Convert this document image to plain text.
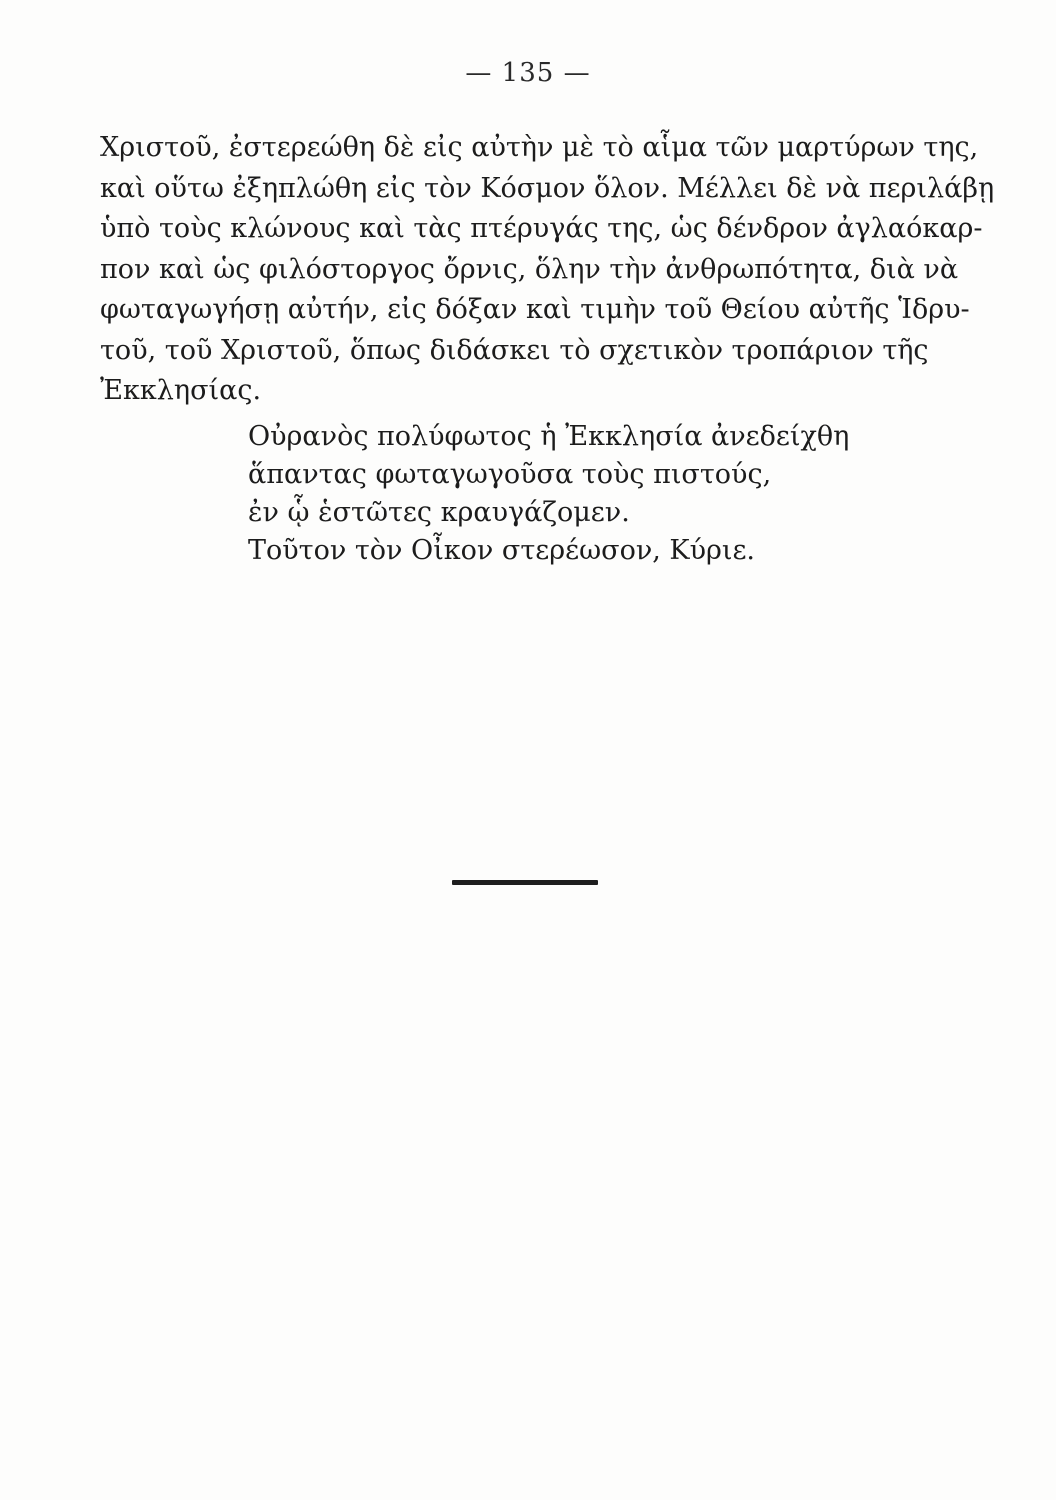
— 135 —
Χριστοῦ, ἐστερεώθη δὲ εἰς αὐτὴν μὲ τὸ αἷμα τῶν μαρτύρων της,
καὶ οὕτω ἐξηπλώθη εἰς τὸν Κόσμον ὅλον. Μέλλει δὲ νὰ περιλάβῃ
ὑπὸ τοὺς κλώνους καὶ τὰς πτέρυγάς της, ὡς δένδρον ἀγλαόκαρ-
πον καὶ ὡς φιλόστοργος ὄρνις, ὅλην τὴν ἀνθρωπότητα, διὰ νὰ
φωταγωγήσῃ αὐτήν, εἰς δόξαν καὶ τιμὴν τοῦ Θείου αὐτῆς Ἱδρυ-
τοῦ, τοῦ Χριστοῦ, ὅπως διδάσκει τὸ σχετικὸν τροπάριον τῆς
Ἐκκλησίας.
Οὐρανὸς πολύφωτος ἡ Ἐκκλησία ἀνεδείχθη
ἅπαντας φωταγωγοῦσα τοὺς πιστούς,
ἐν ᾧ ἑστῶτες κραυγάζομεν.
Τοῦτον τὸν Οἶκον στερέωσον, Κύριε.
